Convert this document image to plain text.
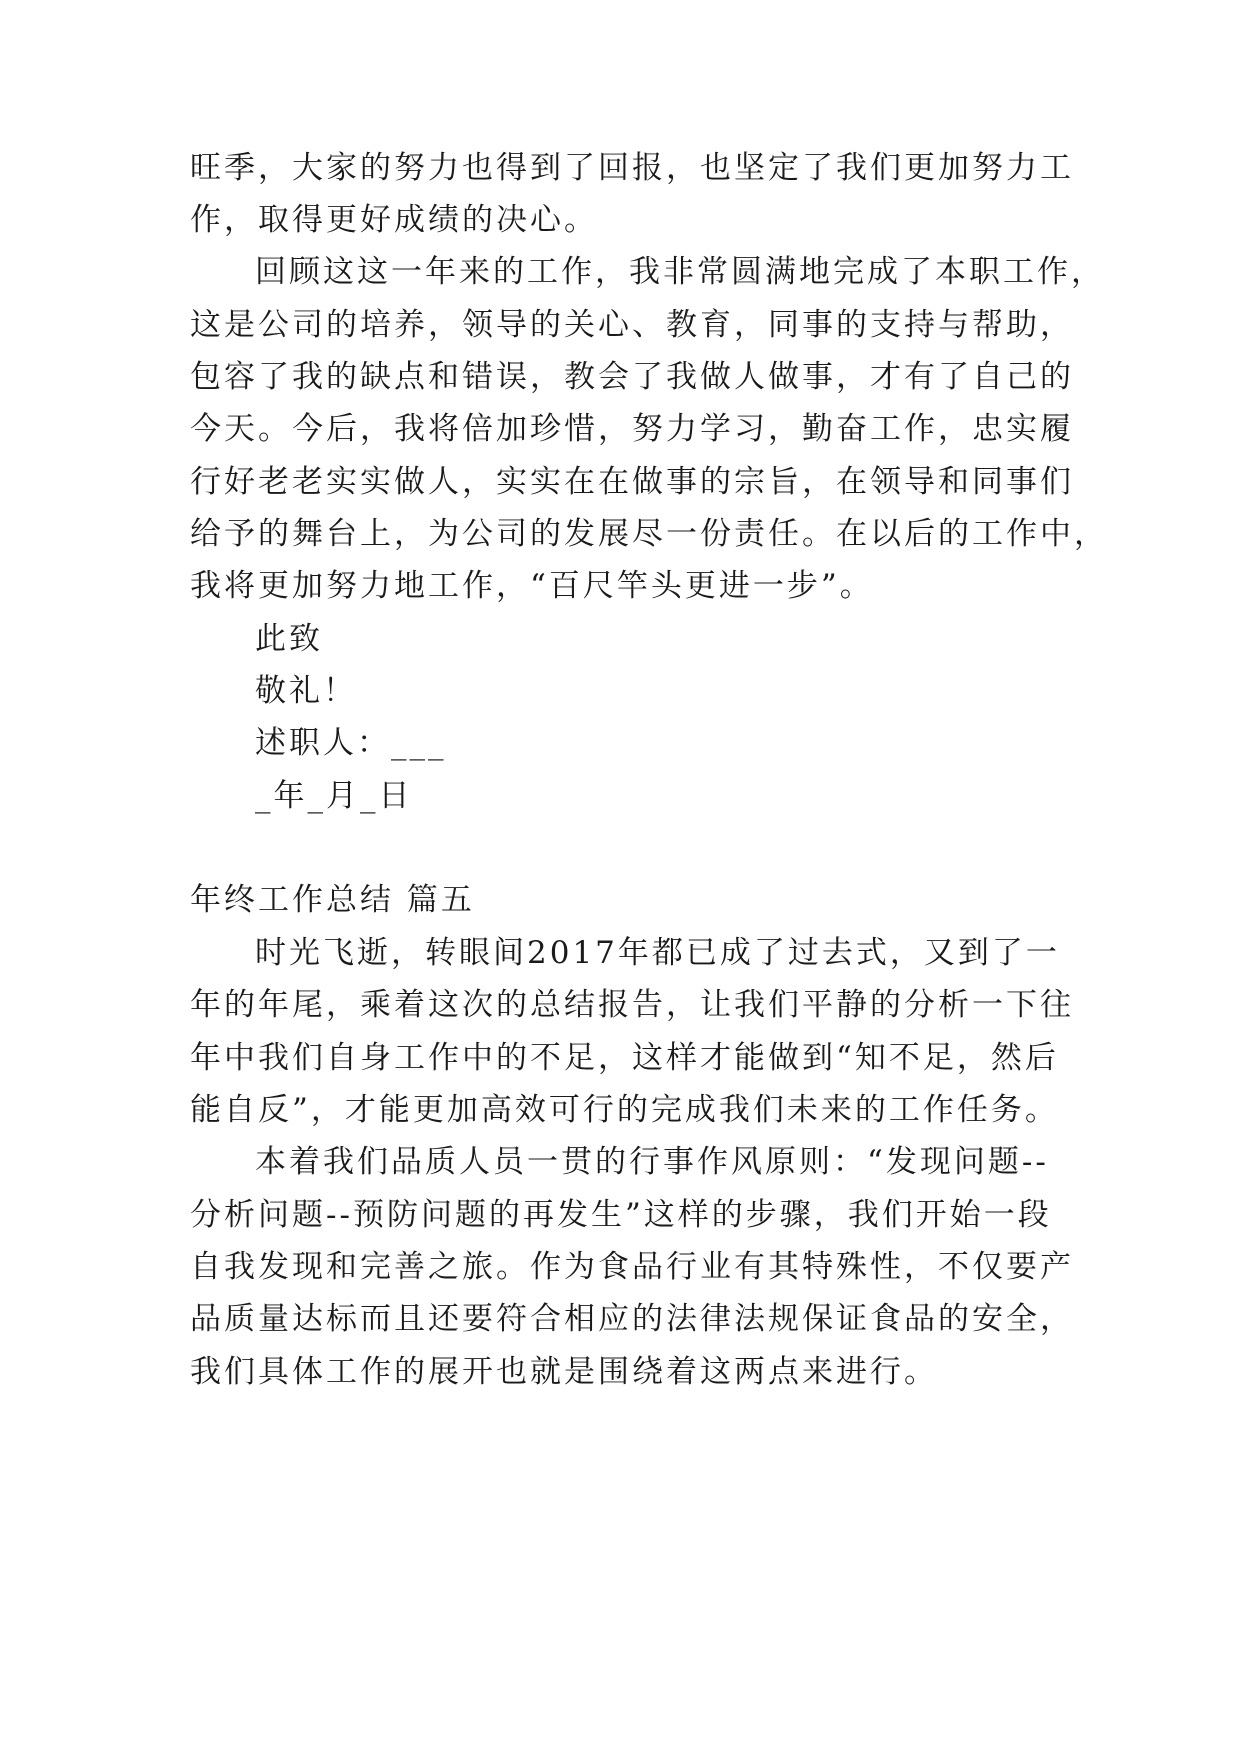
旺季，大家的努力也得到了回报，也坚定了我们更加努力工
作，取得更好成绩的决心。
回顾这这一年来的工作，我非常圆满地完成了本职工作，
这是公司的培养，领导的关心、教育，同事的支持与帮助，
包容了我的缺点和错误，教会了我做人做事，才有了自己的
今天。今后，我将倍加珍惜，努力学习，勤奋工作，忠实履
行好老老实实做人，实实在在做事的宗旨，在领导和同事们
给予的舞台上，为公司的发展尽一份责任。在以后的工作中，
我将更加努力地工作，“百尺竿头更进一步”。
此致
敬礼！
述职人：___
_年_月_日
年终工作总结 篇五
时光飞逝，转眼间2017年都已成了过去式，又到了一
年的年尾，乘着这次的总结报告，让我们平静的分析一下往
年中我们自身工作中的不足，这样才能做到“知不足，然后
能自反”，才能更加高效可行的完成我们未来的工作任务。
本着我们品质人员一贯的行事作风原则：“发现问题--
分析问题--预防问题的再发生”这样的步骤，我们开始一段
自我发现和完善之旅。作为食品行业有其特殊性，不仅要产
品质量达标而且还要符合相应的法律法规保证食品的安全，
我们具体工作的展开也就是围绕着这两点来进行。
